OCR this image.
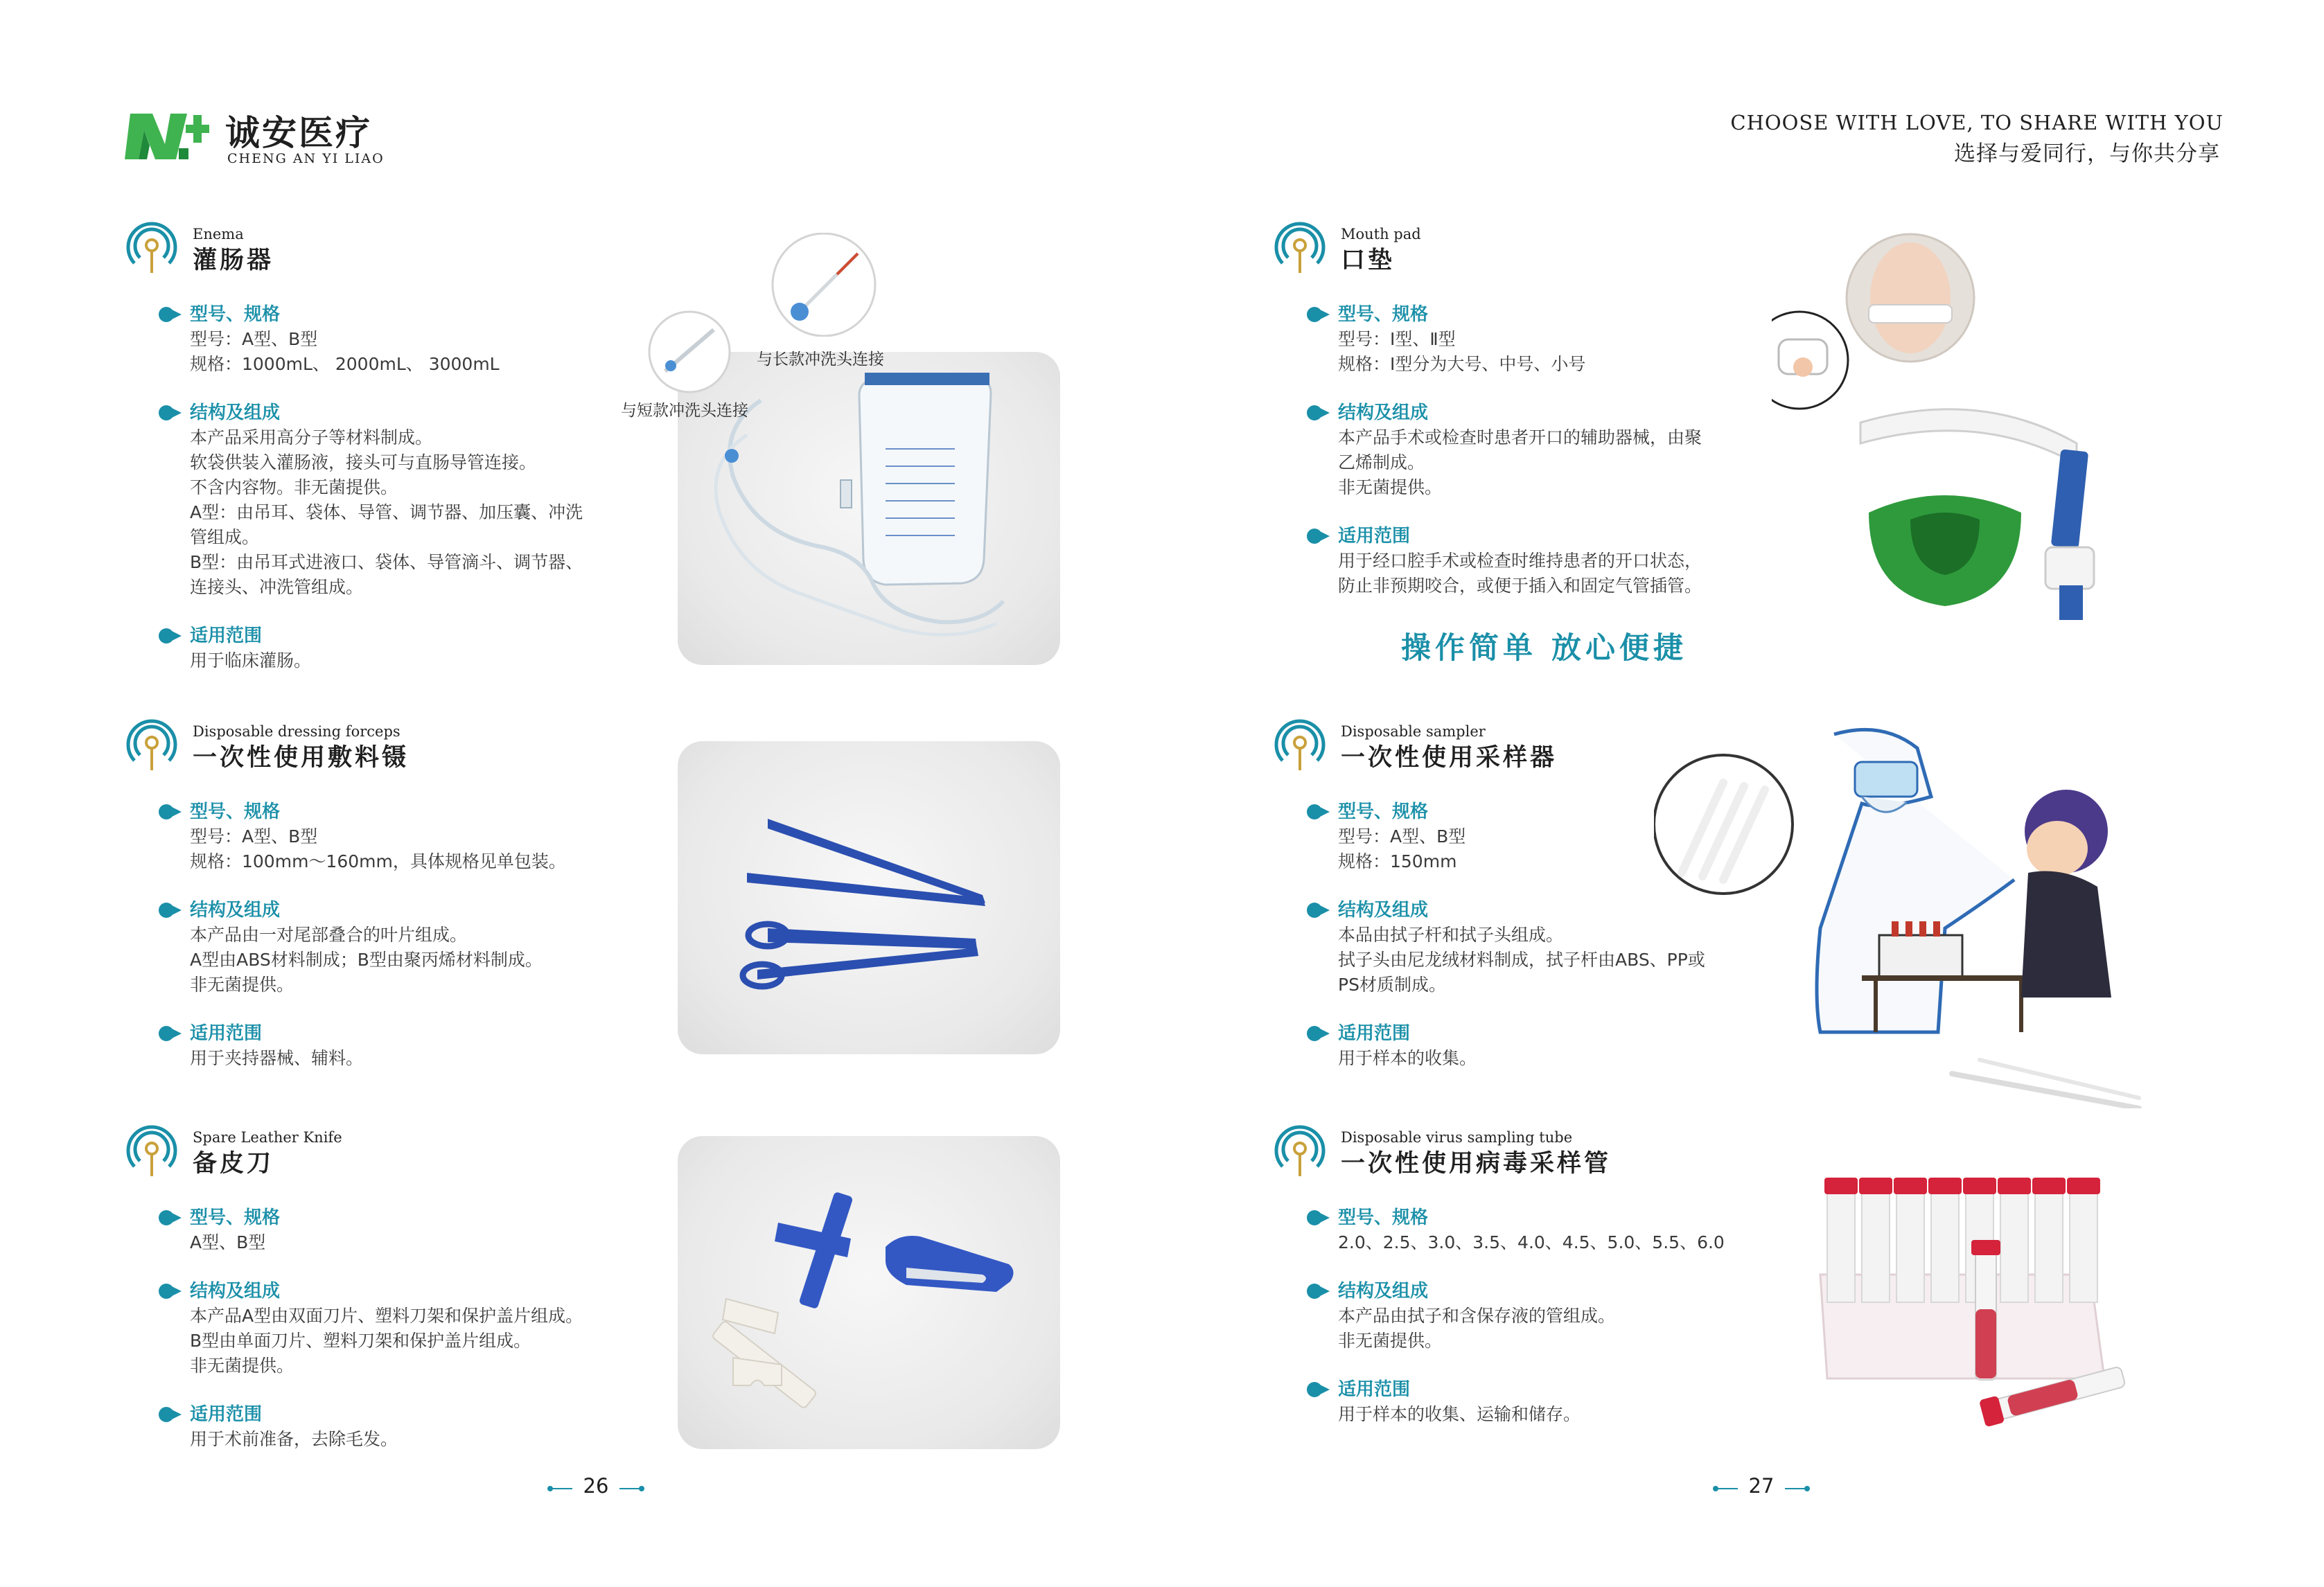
诚安医疗
CHENG AN YI LIAO
Enema
灌肠器
型号、规格
型号：A型、B型
规格：1000mL、 2000mL、 3000mL
结构及组成
本产品采用高分子等材料制成。
软袋供装入灌肠液，接头可与直肠导管连接。
不含内容物。非无菌提供。
A型：由吊耳、袋体、导管、调节器、加压囊、冲洗
管组成。
B型：由吊耳式进液口、袋体、导管滴斗、调节器、
连接头、冲洗管组成。
适用范围
用于临床灌肠。
与长款冲洗头连接
与短款冲洗头连接
Disposable dressing forceps
一次性使用敷料镊
型号、规格
型号：A型、B型
规格：100mm～160mm，具体规格见单包装。
结构及组成
本产品由一对尾部叠合的叶片组成。
A型由ABS材料制成；B型由聚丙烯材料制成。
非无菌提供。
适用范围
用于夹持器械、辅料。
Spare Leather Knife
备皮刀
型号、规格
A型、B型
结构及组成
本产品A型由双面刀片、塑料刀架和保护盖片组成。
B型由单面刀片、塑料刀架和保护盖片组成。
非无菌提供。
适用范围
用于术前准备，去除毛发。
26
CHOOSE WITH LOVE, TO SHARE WITH YOU
选择与爱同行，与你共分享
Mouth pad
口垫
型号、规格
型号：Ⅰ型、Ⅱ型
规格：Ⅰ型分为大号、中号、小号
结构及组成
本产品手术或检查时患者开口的辅助器械，由聚
乙烯制成。
非无菌提供。
适用范围
用于经口腔手术或检查时维持患者的开口状态，
防止非预期咬合，或便于插入和固定气管插管。
操作简单 放心便捷
Disposable sampler
一次性使用采样器
型号、规格
型号：A型、B型
规格：150mm
结构及组成
本品由拭子杆和拭子头组成。
拭子头由尼龙绒材料制成，拭子杆由ABS、PP或
PS材质制成。
适用范围
用于样本的收集。
Disposable virus sampling tube
一次性使用病毒采样管
型号、规格
2.0、2.5、3.0、3.5、4.0、4.5、5.0、5.5、6.0
结构及组成
本产品由拭子和含保存液的管组成。
非无菌提供。
适用范围
用于样本的收集、运输和储存。
27
